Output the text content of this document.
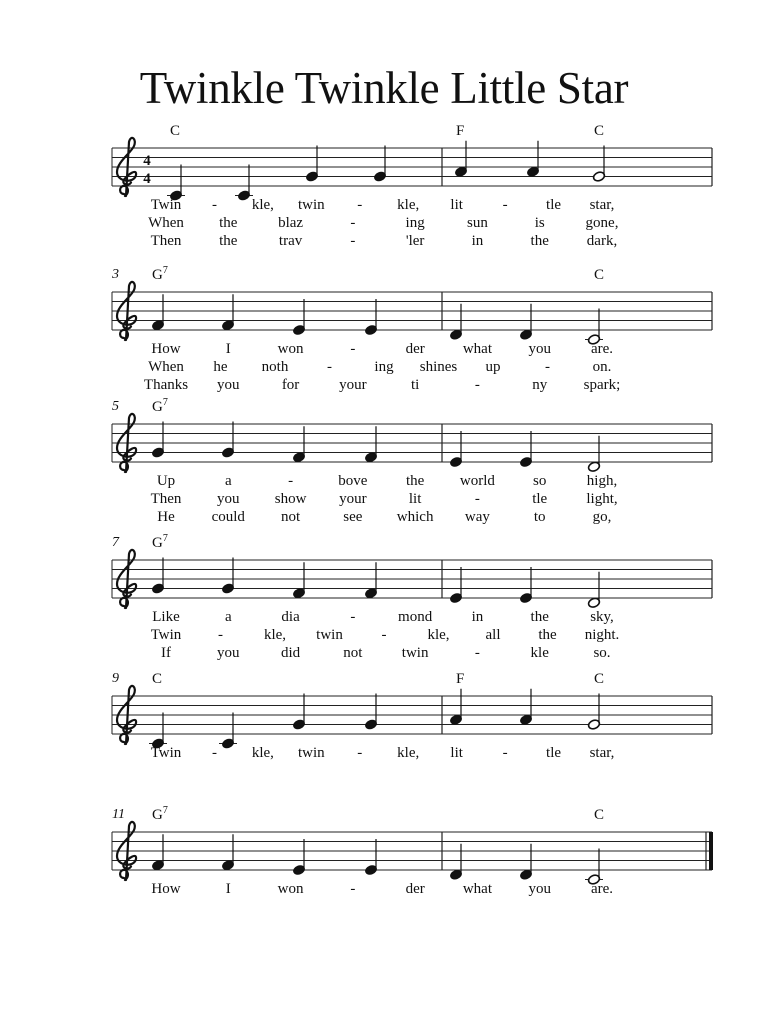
Twinkle Twinkle Little Star
4
4
C	F	C
Twin - kle, twin - kle, lit	-	tle star,
When the	blaz	-	ing	sun	is	gone,
Then	the	trav	-	'ler	in	the	dark,
3 $G^7$	C
How	I	won	-	der	what you	are.
When he noth	-	ing shines up	-	on.
Thanks you	for	your	ti	-	ny spark;
5 $G^7$
Up	a	-	bove	the world	so	high,
Then you show your	lit	-	tle	light,
He could not	see which way	to	go,
7 $G^7$
Like	a	dia	-	mond	in	the	sky,
Twin -	kle, twin	-	kle, all	the night.
If	you	did	not	twin	-	kle	so.
9 C	F	C
Twin - kle, twin - kle, lit	-	tle star,
11 $G^7$	C
How	I	won	-	der	what you	are.
